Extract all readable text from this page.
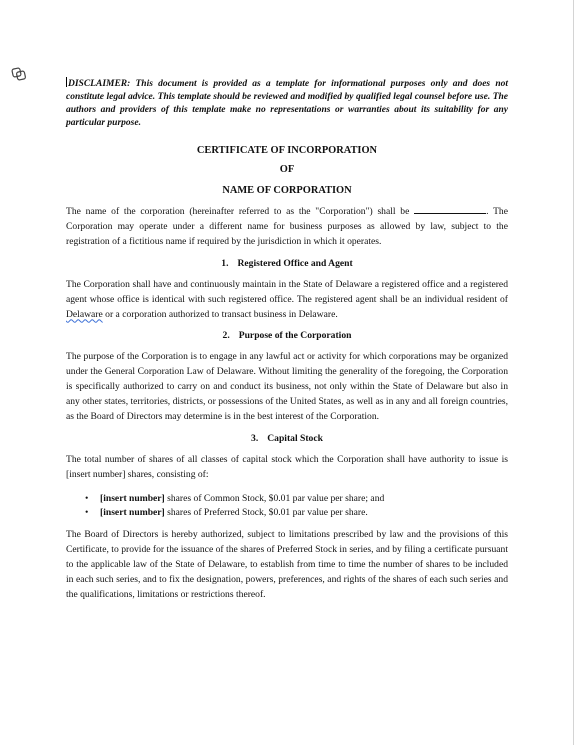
DISCLAIMER: This document is provided as a template for informational purposes only and does not constitute legal advice. This template should be reviewed and modified by qualified legal counsel before use. The authors and providers of this template make no representations or warranties about its suitability for any particular purpose.

CERTIFICATE OF INCORPORATION

OF

NAME OF CORPORATION

The name of the corporation (hereinafter referred to as the "Corporation") shall be	. The Corporation may operate under a different name for business purposes as allowed by law, subject to the registration of a fictitious name if required by the jurisdiction in which it operates.

1. Registered Office and Agent

The Corporation shall have and continuously maintain in the State of Delaware a registered office and a registered agent whose office is identical with such registered office. The registered agent shall be an individual resident of Delaware or a corporation authorized to transact business in Delaware.

2. Purpose of the Corporation

The purpose of the Corporation is to engage in any lawful act or activity for which corporations may be organized under the General Corporation Law of Delaware. Without limiting the generality of the foregoing, the Corporation is specifically authorized to carry on and conduct its business, not only within the State of Delaware but also in any other states, territories, districts, or possessions of the United States, as well as in any and all foreign countries, as the Board of Directors may determine is in the best interest of the Corporation.

3. Capital Stock

The total number of shares of all classes of capital stock which the Corporation shall have authority to issue is [insert number] shares, consisting of:

• [insert number] shares of Common Stock, $0.01 par value per share; and
• [insert number] shares of Preferred Stock, $0.01 par value per share.

The Board of Directors is hereby authorized, subject to limitations prescribed by law and the provisions of this Certificate, to provide for the issuance of the shares of Preferred Stock in series, and by filing a certificate pursuant to the applicable law of the State of Delaware, to establish from time to time the number of shares to be included in each such series, and to fix the designation, powers, preferences, and rights of the shares of each such series and the qualifications, limitations or restrictions thereof.
